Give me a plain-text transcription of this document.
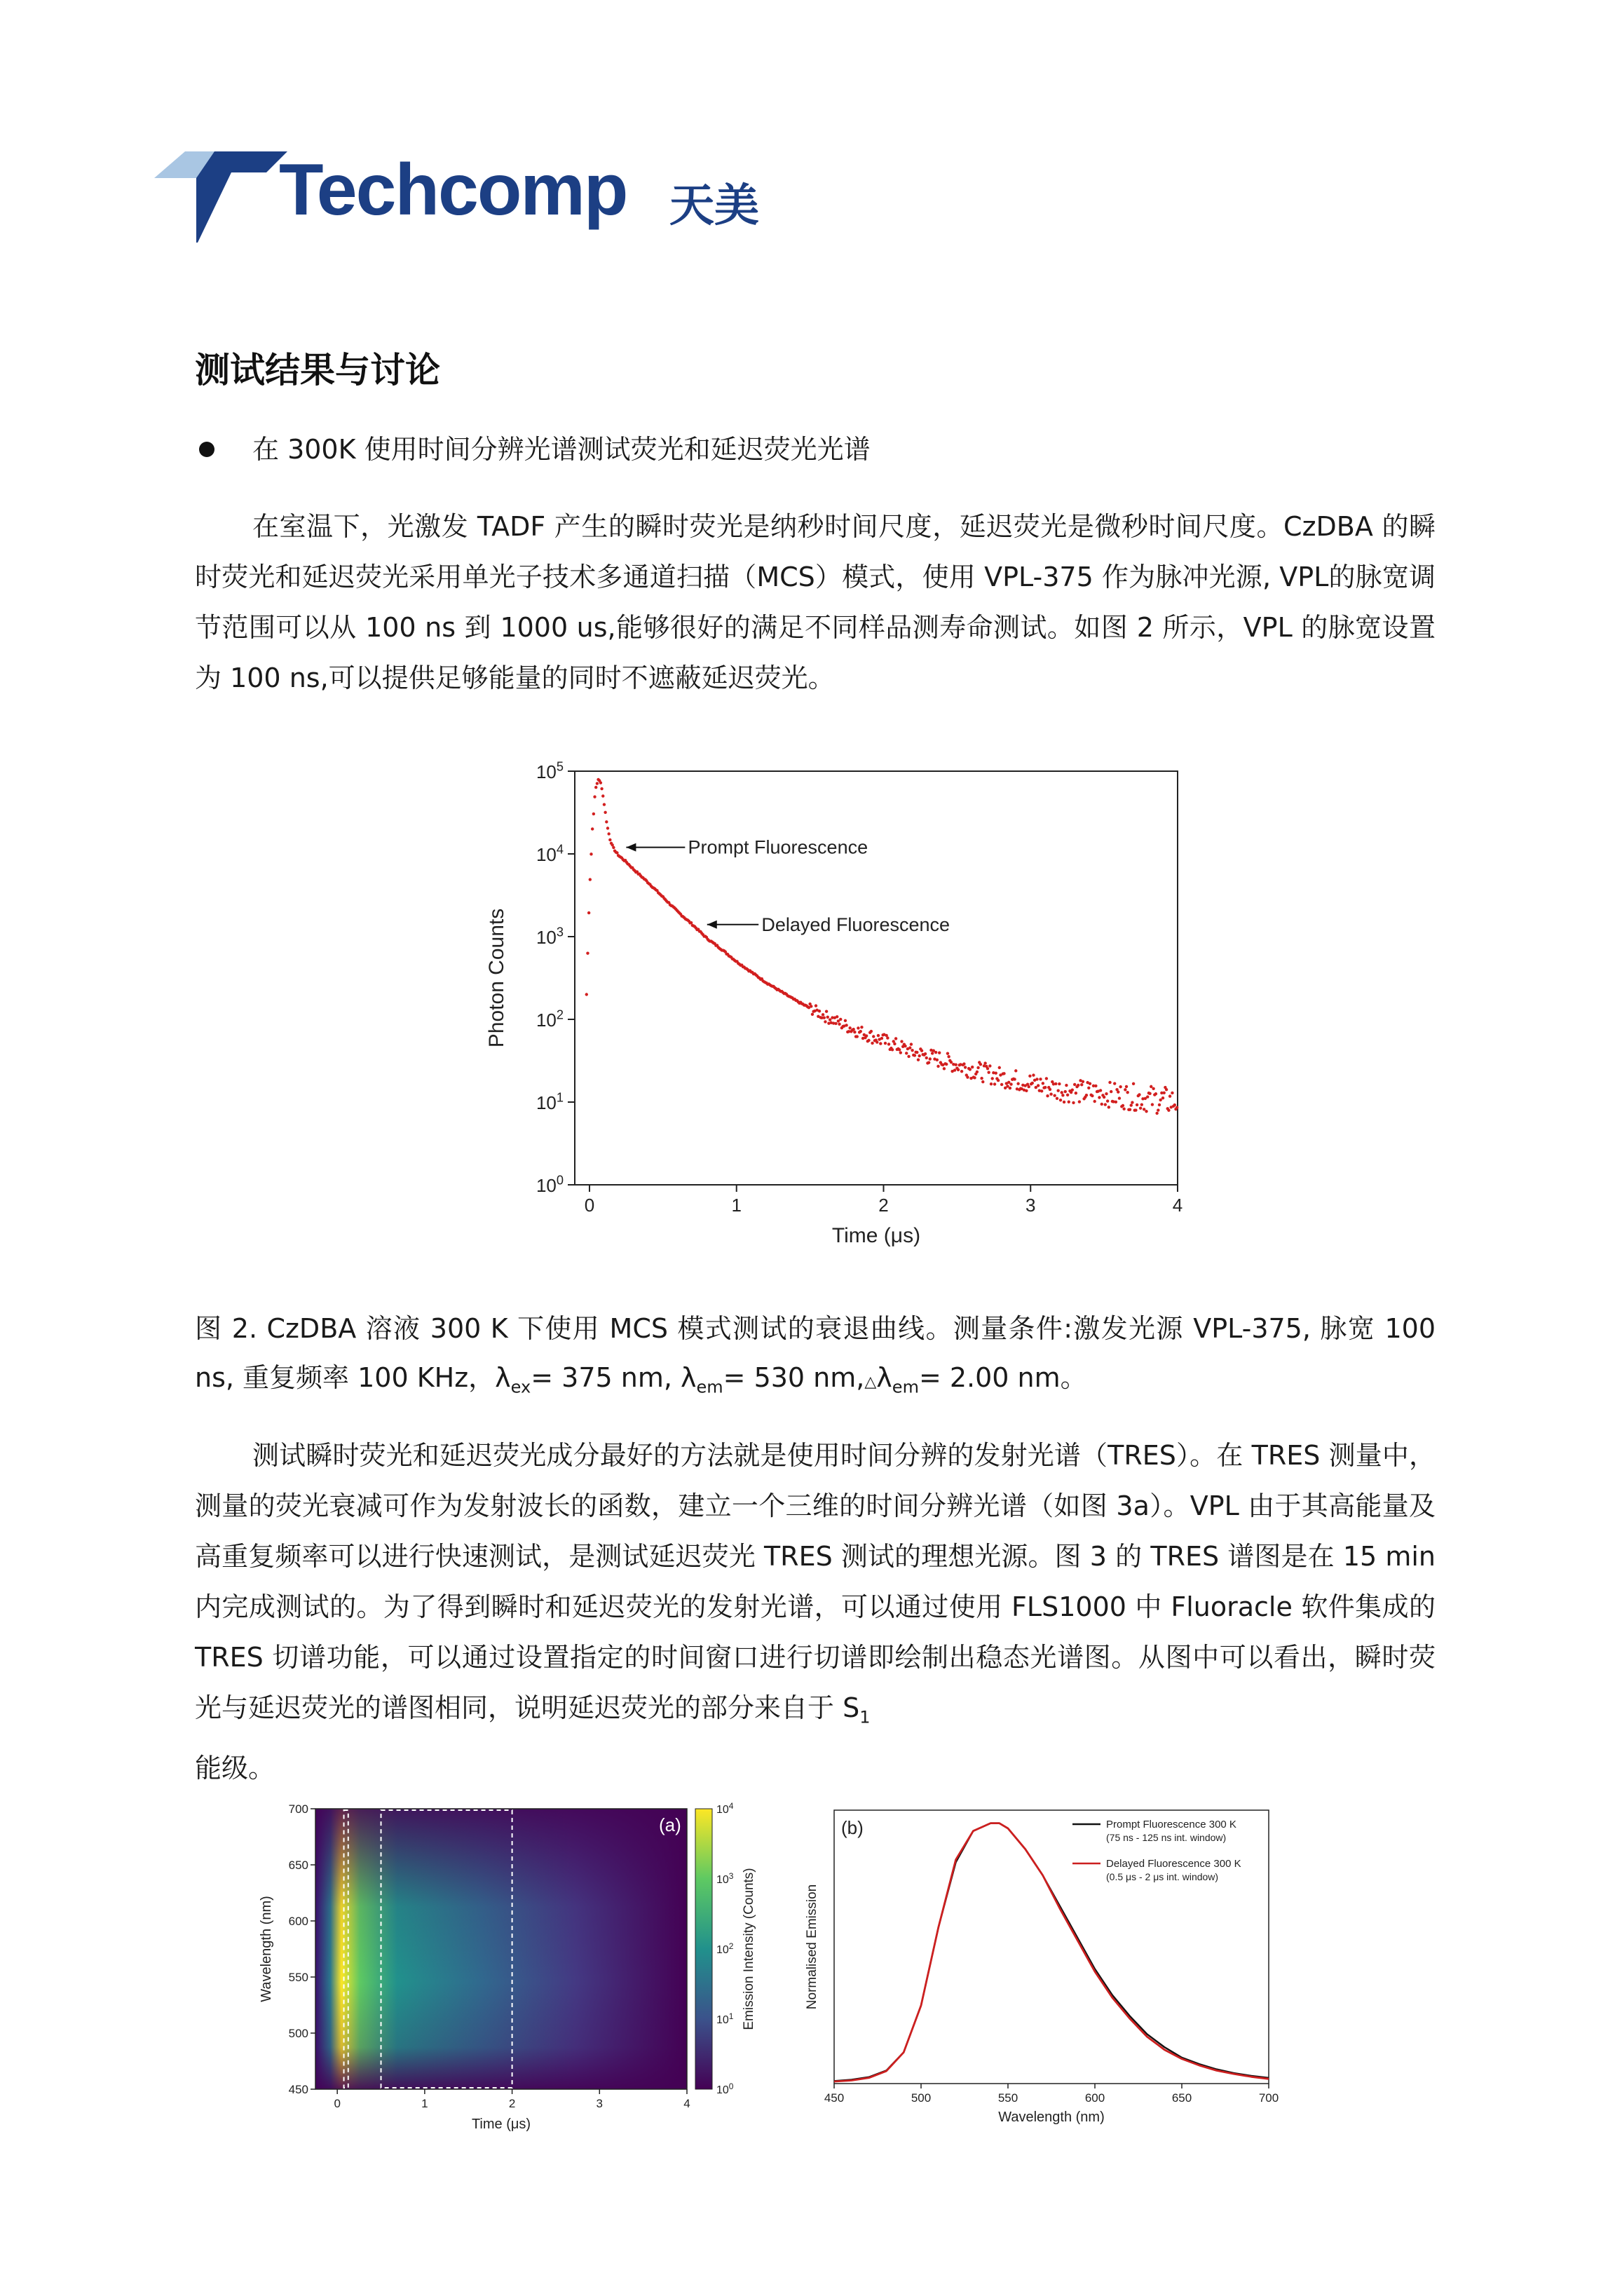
Techcomp 天美
测试结果与讨论
在 300K 使用时间分辨光谱测试荧光和延迟荧光光谱
在室温下，光激发 TADF 产生的瞬时荧光是纳秒时间尺度，延迟荧光是微秒时间尺度。CzDBA 的瞬时荧光和延迟荧光采用单光子技术多通道扫描（MCS）模式，使用 VPL-375 作为脉冲光源, VPL的脉宽调节范围可以从 100 ns 到 1000 us,能够很好的满足不同样品测寿命测试。如图 2 所示，VPL 的脉宽设置为 100 ns,可以提供足够能量的同时不遮蔽延迟荧光。
0	1	2	3	4
$10^0$
$10^1$
$10^2$
$10^3$
$10^4$
$10^5$
Time (μs)
Photon Counts
Prompt Fluorescence
Delayed Fluorescence
图 2. CzDBA 溶液 300 K 下使用 MCS 模式测试的衰退曲线。测量条件:激发光源 VPL-375, 脉宽 100 ns, 重复频率 100 KHz，$\lambda_{ex}= 375$ nm, $\lambda_{em}= 530$ $nm,\triangle\lambda_{em}= 2.00$ nm。
测试瞬时荧光和延迟荧光成分最好的方法就是使用时间分辨的发射光谱（TRES）。在 TRES 测量中，测量的荧光衰减可作为发射波长的函数，建立一个三维的时间分辨光谱（如图 3a）。VPL 由于其高能量及高重复频率可以进行快速测试，是测试延迟荧光 TRES 测试的理想光源。图 3 的 TRES 谱图是在 15 min 内完成测试的。为了得到瞬时和延迟荧光的发射光谱，可以通过使用 FLS1000 中 Fluoracle 软件集成的 TRES 切谱功能，可以通过设置指定的时间窗口进行切谱即绘制出稳态光谱图。从图中可以看出，瞬时荧光与延迟荧光的谱图相同，说明延迟荧光的部分来自于 $S_1$
能级。
0	1	2	3	4
450
500
550
600
650
700
Time (μs)
Wavelength (nm)
(a)
$10^0$
$10^1$
$10^2$
$10^3$
$10^4$
Emission Intensity (Counts)
450	500	550	600	650	700
Wavelength (nm)
Normalised Emission
(b)	Prompt Fluorescence 300 K
(75 ns - 125 ns int. window)
Delayed Fluorescence 300 K
(0.5 μs - 2 μs int. window)
